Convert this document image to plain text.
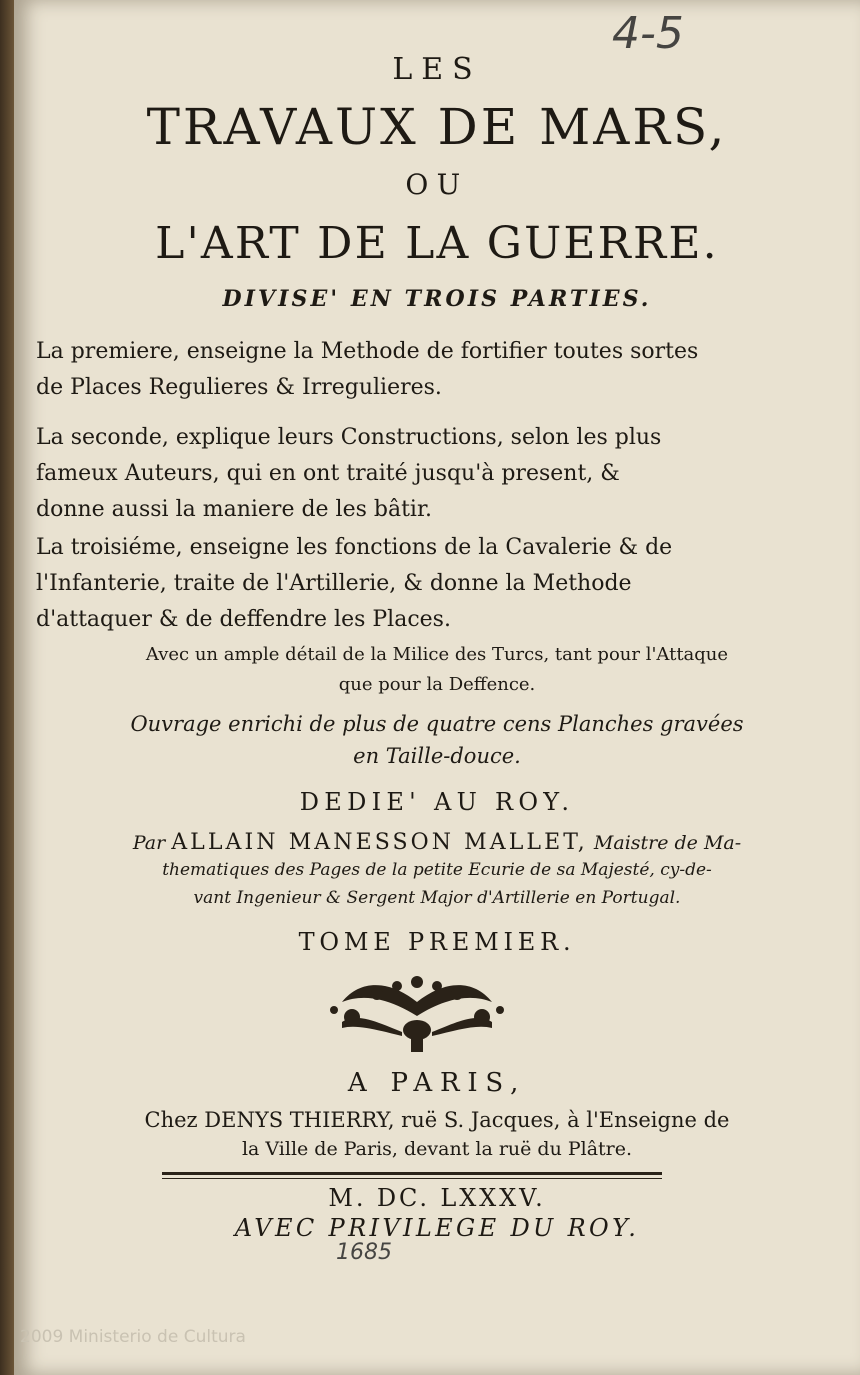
4-5
LES
TRAVAUX DE MARS,
OU
L'ART DE LA GUERRE.
DIVISE' EN TROIS PARTIES.
La premiere, enseigne la Methode de fortifier toutes sortes
de Places Regulieres & Irregulieres.
La seconde, explique leurs Constructions, selon les plus
fameux Auteurs, qui en ont traité jusqu'à present, &
donne aussi la maniere de les bâtir.
La troisiéme, enseigne les fonctions de la Cavalerie & de
l'Infanterie, traite de l'Artillerie, & donne la Methode
d'attaquer & de deffendre les Places.
Avec un ample détail de la Milice des Turcs, tant pour l'Attaque
que pour la Deffence.
Ouvrage enrichi de plus de quatre cens Planches gravées
en Taille-douce.
DEDIE' AU ROY.
Par ALLAIN MANESSON MALLET, Maistre de Ma-
thematiques des Pages de la petite Ecurie de sa Majesté, cy-de-
vant Ingenieur & Sergent Major d'Artillerie en Portugal.
TOME PREMIER.
A PARIS,
Chez DENYS THIERRY, ruë S. Jacques, à l'Enseigne de
la Ville de Paris, devant la ruë du Plâtre.
M. DC. LXXXV.
AVEC PRIVILEGE DU ROY.
1685
2009 Ministerio de Cultura
